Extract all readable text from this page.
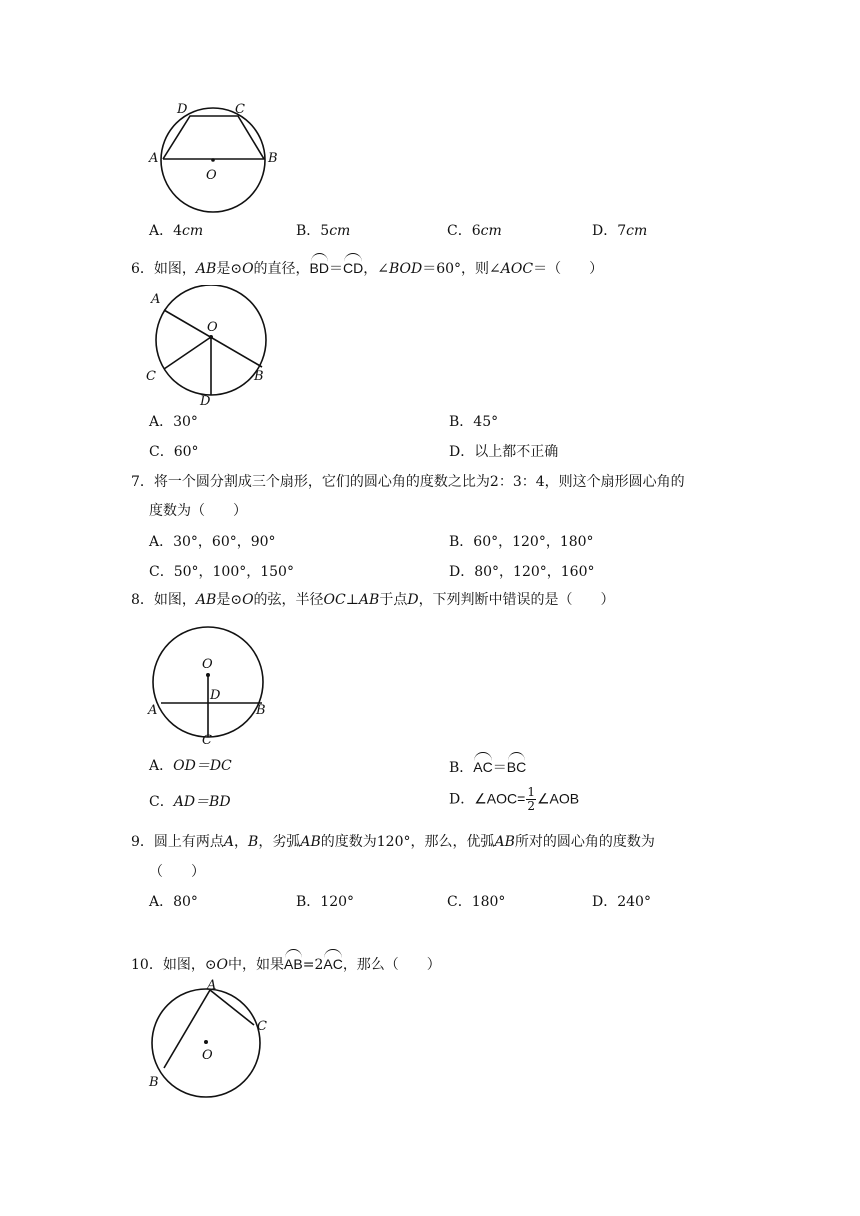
D	C
A	B
O
A．4cm	B．5cm	C．6cm	D．7cm
6．如图，AB是⊙O的直径，BD＝CD，∠BOD＝60°，则∠AOC＝（　　）
A
O
C
D
B
A．30°	B．45°
C．60°	D．以上都不正确
7．将一个圆分割成三个扇形，它们的圆心角的度数之比为2：3：4，则这个扇形圆心角的
度数为（　　）
A．30°，60°，90°	B．60°，120°，180°
C．50°，100°，150°	D．80°，120°，160°
8．如图，AB是⊙O的弦，半径OC⊥AB于点D，下列判断中错误的是（　　）
O
D
A	B
C
A．OD＝DC	B．AC＝BC
C．AD＝BD	D．∠AOC= $\frac{1}{2}$ ∠AOB
9．圆上有两点A，B，劣弧AB的度数为120°，那么，优弧AB所对的圆心角的度数为
（　　）
A．80°	B．120°	C．180°	D．240°
10．如图，⊙O中，如果AB=2AC，那么（　　）
A
C
O
B
